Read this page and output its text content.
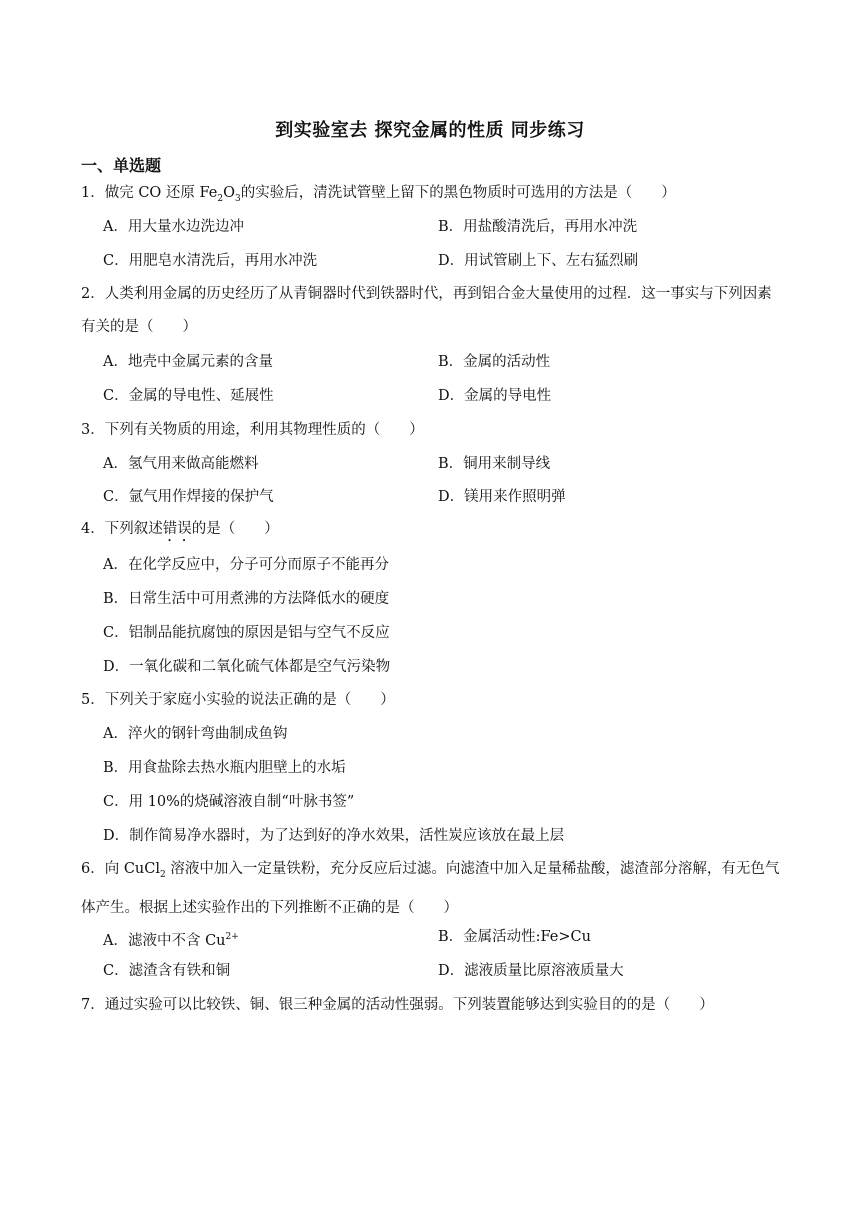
到实验室去 探究金属的性质 同步练习
一、单选题
1．做完 CO 还原 $Fe_2O_3$的实验后，清洗试管壁上留下的黑色物质时可选用的方法是（　　）
A．用大量水边洗边冲	B．用盐酸清洗后，再用水冲洗
C．用肥皂水清洗后，再用水冲洗	D．用试管刷上下、左右猛烈刷
2．人类利用金属的历史经历了从青铜器时代到铁器时代，再到铝合金大量使用的过程．这一事实与下列因素有关的是（　　）
A．地壳中金属元素的含量	B．金属的活动性
C．金属的导电性、延展性	D．金属的导电性
3．下列有关物质的用途，利用其物理性质的（　　）
A．氢气用来做高能燃料	B．铜用来制导线
C．氩气用作焊接的保护气	D．镁用来作照明弹
4．下列叙述错误的是（　　）
A．在化学反应中，分子可分而原子不能再分
B．日常生活中可用煮沸的方法降低水的硬度
C．铝制品能抗腐蚀的原因是铝与空气不反应
D．一氧化碳和二氧化硫气体都是空气污染物
5．下列关于家庭小实验的说法正确的是（　　）
A．淬火的钢针弯曲制成鱼钩
B．用食盐除去热水瓶内胆壁上的水垢
C．用 10%的烧碱溶液自制“叶脉书签”
D．制作简易净水器时，为了达到好的净水效果，活性炭应该放在最上层
6．向 CuCl$_2$ 溶液中加入一定量铁粉，充分反应后过滤。向滤渣中加入足量稀盐酸，滤渣部分溶解，有无色气体产生。根据上述实验作出的下列推断不正确的是（　　）
A．滤液中不含 $Cu^{2+}$	B．金属活动性:Fe>Cu
C．滤渣含有铁和铜	D．滤液质量比原溶液质量大
7．通过实验可以比较铁、铜、银三种金属的活动性强弱。下列装置能够达到实验目的的是（　　）
